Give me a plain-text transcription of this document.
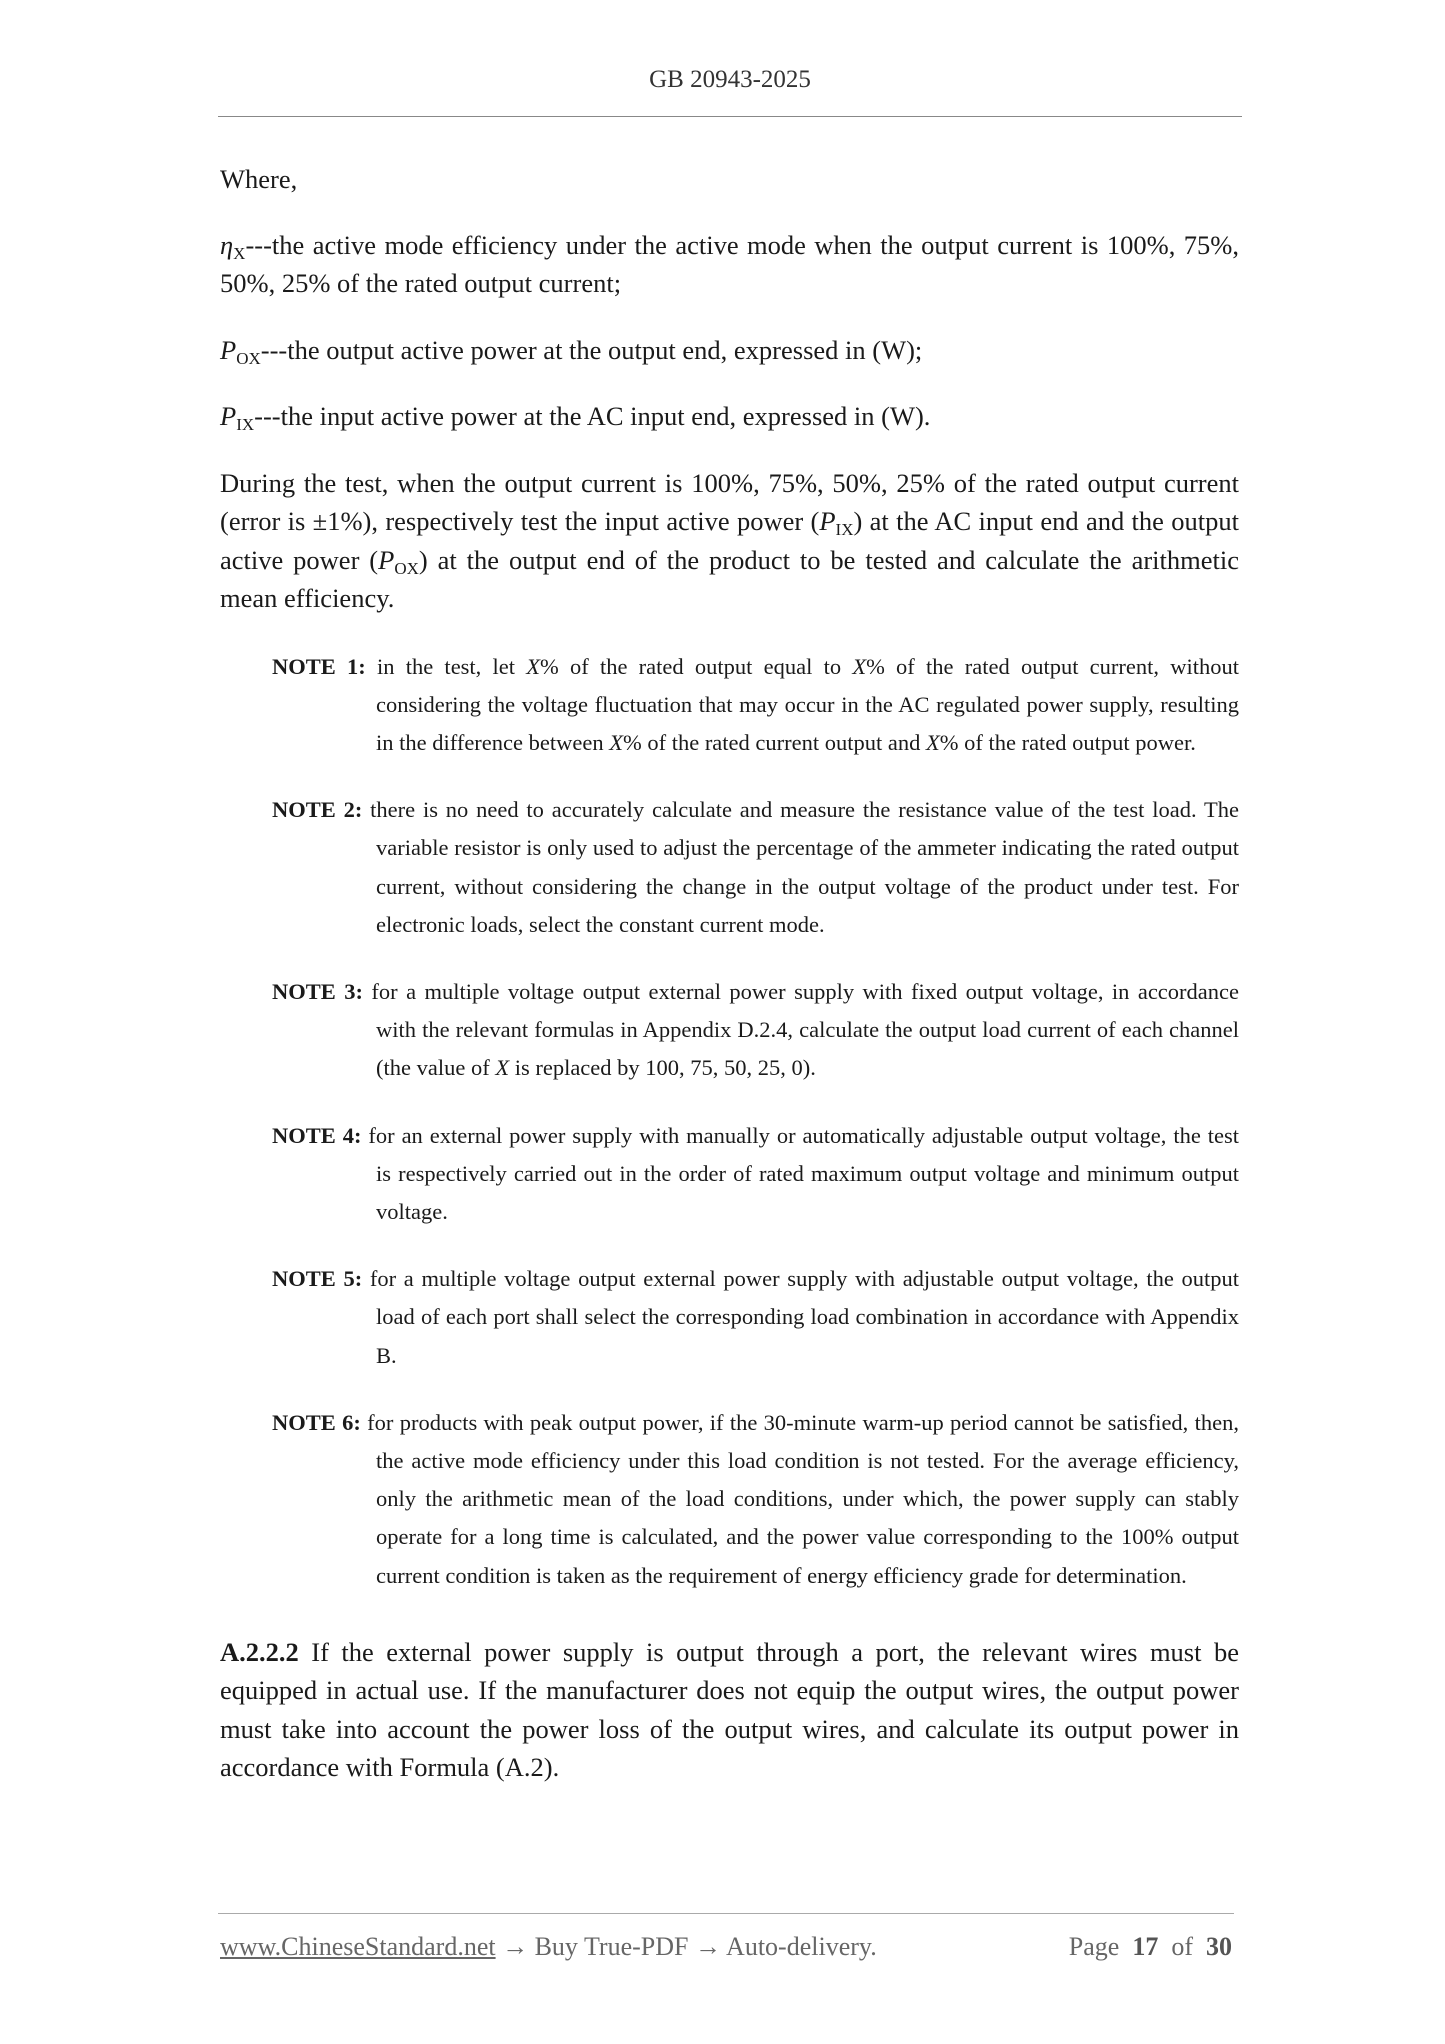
GB 20943-2025

Where,

$\eta_X--$-the active mode efficiency under the active mode when the output current is 100%, 75%, 50%, 25% of the rated output current;

$P_{OX}--$-the output active power at the output end, expressed in (W);

$P_{IX}--$-the input active power at the AC input end, expressed in (W).

During the test, when the output current is 100%, 75%, 50%, 25% of the rated output current (error is ±1%), respectively test the input active power $(P_{IX})$ at the AC input end and the output active power $(P_{OX})$ at the output end of the product to be tested and calculate the arithmetic mean efficiency.

NOTE 1: in the test, let X% of the rated output equal to X% of the rated output current, without considering the voltage fluctuation that may occur in the AC regulated power supply, resulting in the difference between X% of the rated current output and X% of the rated output power.

NOTE 2: there is no need to accurately calculate and measure the resistance value of the test load. The variable resistor is only used to adjust the percentage of the ammeter indicating the rated output current, without considering the change in the output voltage of the product under test. For electronic loads, select the constant current mode.

NOTE 3: for a multiple voltage output external power supply with fixed output voltage, in accordance with the relevant formulas in Appendix D.2.4, calculate the output load current of each channel (the value of X is replaced by 100, 75, 50, 25, 0).

NOTE 4: for an external power supply with manually or automatically adjustable output voltage, the test is respectively carried out in the order of rated maximum output voltage and minimum output voltage.

NOTE 5: for a multiple voltage output external power supply with adjustable output voltage, the output load of each port shall select the corresponding load combination in accordance with Appendix B.

NOTE 6: for products with peak output power, if the 30-minute warm-up period cannot be satisfied, then, the active mode efficiency under this load condition is not tested. For the average efficiency, only the arithmetic mean of the load conditions, under which, the power supply can stably operate for a long time is calculated, and the power value corresponding to the 100% output current condition is taken as the requirement of energy efficiency grade for determination.

A.2.2.2 If the external power supply is output through a port, the relevant wires must be equipped in actual use. If the manufacturer does not equip the output wires, the output power must take into account the power loss of the output wires, and calculate its output power in accordance with Formula (A.2).

www.ChineseStandard.net → Buy True-PDF → Auto-delivery.	Page 17 of 30
